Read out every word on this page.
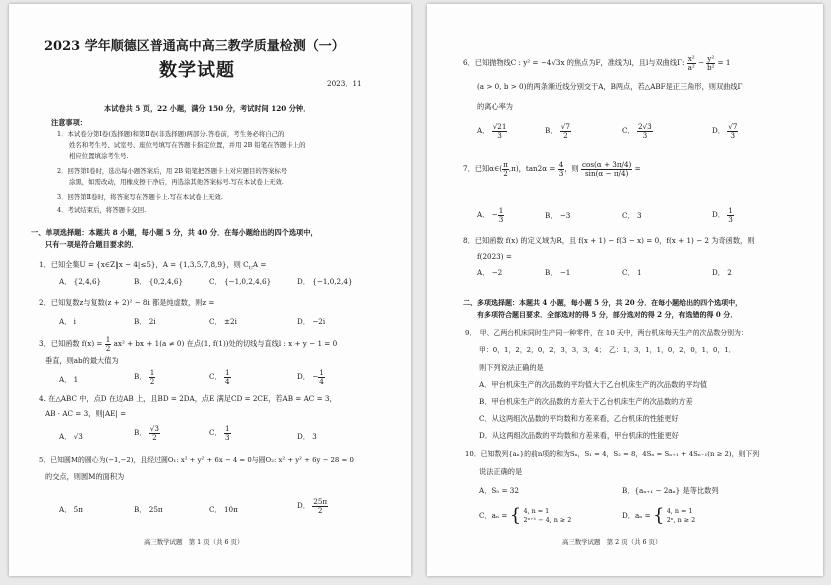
2023 学年顺德区普通高中高三教学质量检测（一）
数学试题
2023．11
本试卷共 5 页，22 小题，满分 150 分，考试时间 120 分钟．
注意事项：
1．本试卷分第Ⅰ卷(选择题)和第Ⅱ卷(非选择题)两部分.答卷前，考生务必将自己的
姓名和考生号、试室号、座位号填写在答题卡指定位置，并用 2B 铅笔在答题卡上的
相应位置填涂考生号.
2．回答第Ⅰ卷时，选出每小题答案后，用 2B 铅笔把答题卡上对应题目的答案标号
涂黑，如需改动，用橡皮擦干净后，再选涂其他答案标号.写在本试卷上无效.
3．回答第Ⅱ卷时，将答案写在答题卡上.写在本试卷上无效.
4．考试结束后，将答题卡交回.
一、单项选择题：本题共 8 小题，每小题 5 分，共 40 分．在每小题给出的四个选项中，
只有一项是符合题目要求的．
1．已知全集U = {x∈Z‖x − 4|≤5}，A = {1,3,5,7,8,9}，则 $C_UA$ =
A． {2,4,6}	B． {0,2,4,6}	C． {−1,0,2,4,6}	D． {−1,0,2,4}
2．已知复数z与复数(z + 2)² − 8i 都是纯虚数，则z =
A． i	B． 2i	C． ±2i	D． −2i
3．已知函数 $f(x) = \frac{1}{2} ax^2$ + bx + 1(a ≠ 0) 在点(1, f(1))处的切线与直线l : x + y − 1 = 0
垂直，则ab的最大值为
A． 1	B． $\frac{1}{2}$	C． $\frac{1}{4}$	D． − $\frac{1}{4}$
4. 在△ABC 中，点D 在边AB 上，且BD = 2DA，点E 满足CD = 2CE，若AB = AC = 3，
AB · AC = 3，则|AE| =
A． √3	B． $\frac{√3}{2}$	C． $\frac{1}{3}$	D． 3
5．已知圆M的圆心为(−1,−2)，且经过圆O₁: x² + y² + 6x − 4 = 0与圆O₂: x² + y² + 6y − 28 = 0
的交点，则圆M的面积为
A． 5π	B． 25π	C． 10π	D． $\frac{25\pi}{2}$
高三数学试题　第 1 页（共 6 页）
6．已知抛物线C : y² = −4√3x 的焦点为F，准线为l，且l与双曲线Γ: $\frac{\text{x²}}{\text{a²}} - \frac{\text{y²}}{\text{b²}} = 1$
(a > 0, b > 0)的两条渐近线分别交于A，B两点，若△ABF是正三角形，则双曲线Γ
的离心率为
A． $\frac{√21}{3}$	B． $\frac{√7}{2}$	C． $\frac{2√3}{3}$	D． $\frac{√7}{3}$
7．已知α∈( $\frac{\pi}{2} ,\pi$)，$\tan 2\alpha = \frac{4}{3}$ ，则 $\frac{\cos(\alpha + 3\pi/4)}{\sin(\alpha - \pi/4)}$ =
A． − $\frac{1}{3}$	B． −3	C． 3	D． $\frac{1}{3}$
8．已知函数 f(x) 的定义域为R，且 f(x + 1) − f(3 − x) = 0，f(x + 1) − 2 为奇函数，则
f(2023) =
A． −2	B． −1	C． 1	D． 2
二、多项选择题：本题共 4 小题，每小题 5 分，共 20 分．在每小题给出的四个选项中，
有多项符合题目要求．全部选对的得 5 分，部分选对的得 2 分，有选错的得 0 分．
9．　甲、乙两台机床同时生产同一种零件，在 10 天中，两台机床每天生产的次品数分别为：
甲：0，1，2，2，0，2，3，3，3，4；　乙：1，3，1，1，0，2，0，1，0，1．
则下列说法正确的是
A．甲台机床生产的次品数的平均值大于乙台机床生产的次品数的平均值
B．甲台机床生产的次品数的方差大于乙台机床生产的次品数的方差
C．从这两组次品数的平均数和方差来看，乙台机床的性能更好
D．从这两组次品数的平均数和方差来看，甲台机床的性能更好
10．已知数列{aₙ}的前n项的和为Sₙ，S₁ = 4，S₂ = 8，4Sₙ = Sₙ₊₁ + 4Sₙ₋₁(n ≥ 2)，则下列
说法正确的是
A．S₅ = 32	B．{aₙ₊₁ − 2aₙ} 是等比数列
C．aₙ = { 4, n = 1
2ⁿ⁺¹ − 4, n ≥ 2	D．aₙ = { 4, n = 1
2ⁿ, n ≥ 2
高三数学试题　第 2 页（共 6 页）
